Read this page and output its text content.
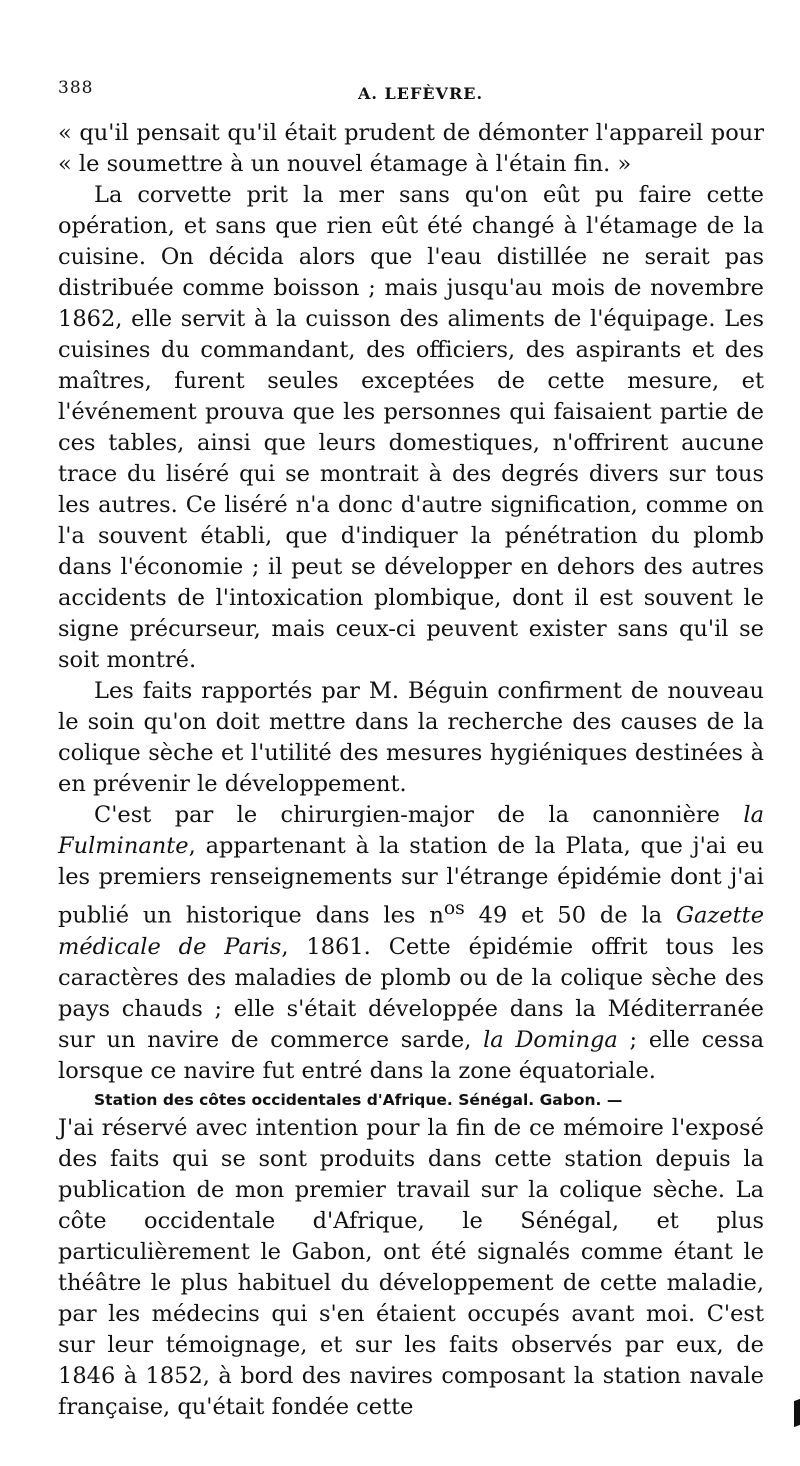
388	A. LEFÈVRE.

« qu'il pensait qu'il était prudent de démonter l'appareil pour « le soumettre à un nouvel étamage à l'étain fin. »

La corvette prit la mer sans qu'on eût pu faire cette opération, et sans que rien eût été changé à l'étamage de la cuisine. On décida alors que l'eau distillée ne serait pas distribuée comme boisson ; mais jusqu'au mois de novembre 1862, elle servit à la cuisson des aliments de l'équipage. Les cuisines du commandant, des officiers, des aspirants et des maîtres, furent seules exceptées de cette mesure, et l'événement prouva que les personnes qui faisaient partie de ces tables, ainsi que leurs domestiques, n'offrirent aucune trace du liséré qui se montrait à des degrés divers sur tous les autres. Ce liséré n'a donc d'autre signification, comme on l'a souvent établi, que d'indiquer la pénétration du plomb dans l'économie ; il peut se développer en dehors des autres accidents de l'intoxication plombique, dont il est souvent le signe précurseur, mais ceux-ci peuvent exister sans qu'il se soit montré.

Les faits rapportés par M. Béguin confirment de nouveau le soin qu'on doit mettre dans la recherche des causes de la colique sèche et l'utilité des mesures hygiéniques destinées à en prévenir le développement.

C'est par le chirurgien-major de la canonnière la Fulminante, appartenant à la station de la Plata, que j'ai eu les premiers renseignements sur l'étrange épidémie dont j'ai publié un historique dans les $n^{os}$ 49 et 50 de la Gazette médicale de Paris, 1861. Cette épidémie offrit tous les caractères des maladies de plomb ou de la colique sèche des pays chauds ; elle s'était développée dans la Méditerranée sur un navire de commerce sarde, la Dominga ; elle cessa lorsque ce navire fut entré dans la zone équatoriale.

Station des côtes occidentales d'Afrique. Sénégal. Gabon. —

J'ai réservé avec intention pour la fin de ce mémoire l'exposé des faits qui se sont produits dans cette station depuis la publication de mon premier travail sur la colique sèche. La côte occidentale d'Afrique, le Sénégal, et plus particulièrement le Gabon, ont été signalés comme étant le théâtre le plus habituel du développement de cette maladie, par les médecins qui s'en étaient occupés avant moi. C'est sur leur témoignage, et sur les faits observés par eux, de 1846 à 1852, à bord des navires composant la station navale française, qu'était fondée cette
